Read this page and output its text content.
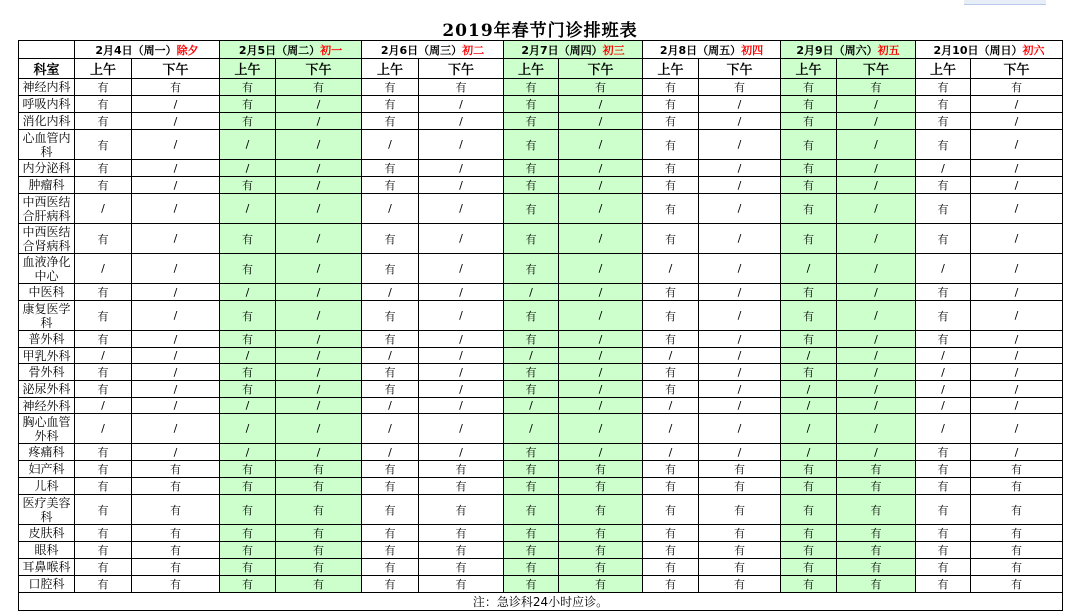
2019年春节门诊排班表
	2月4日（周一）除夕		2月5日（周二）初一		2月6日（周三）初二		2月7日（周四）初三		2月8日（周五）初四		2月9日（周六）初五		2月10日（周日）初六	
科室	上午	下午	上午	下午	上午	下午	上午	下午	上午	下午	上午	下午	上午	下午
神经内科	有	有	有	有	有	有	有	有	有	有	有	有	有	有
呼吸内科	有	/	有	/	有	/	有	/	有	/	有	/	有	/
消化内科	有	/	有	/	有	/	有	/	有	/	有	/	有	/
心血管内科	有	/	/	/	/	/	有	/	有	/	有	/	有	/
内分泌科	有	/	/	/	有	/	有	/	有	/	有	/	/	/
肿瘤科	有	/	有	/	有	/	有	/	有	/	有	/	有	/
中西医结合肝病科	/	/	/	/	/	/	有	/	有	/	有	/	有	/
中西医结合肾病科	有	/	有	/	有	/	有	/	有	/	有	/	有	/
血液净化中心	/	/	有	/	有	/	有	/	/	/	/	/	/	/
中医科	有	/	/	/	/	/	/	/	有	/	有	/	有	/
康复医学科	有	/	有	/	有	/	有	/	有	/	有	/	有	/
普外科	有	/	有	/	有	/	有	/	有	/	有	/	有	/
甲乳外科	/	/	/	/	/	/	/	/	/	/	/	/	/	/
骨外科	有	/	有	/	有	/	有	/	有	/	有	/	/	/
泌尿外科	有	/	有	/	有	/	有	/	有	/	/	/	/	/
神经外科	/	/	/	/	/	/	/	/	/	/	/	/	/	/
胸心血管外科	/	/	/	/	/	/	/	/	/	/	/	/	/	/
疼痛科	有	/	/	/	/	/	有	/	/	/	/	/	有	/
妇产科	有	有	有	有	有	有	有	有	有	有	有	有	有	有
儿科	有	有	有	有	有	有	有	有	有	有	有	有	有	有
医疗美容科	有	有	有	有	有	有	有	有	有	有	有	有	有	有
皮肤科	有	有	有	有	有	有	有	有	有	有	有	有	有	有
眼科	有	有	有	有	有	有	有	有	有	有	有	有	有	有
耳鼻喉科	有	有	有	有	有	有	有	有	有	有	有	有	有	有
口腔科	有	有	有	有	有	有	有	有	有	有	有	有	有	有
注：急诊科24小时应诊。														
